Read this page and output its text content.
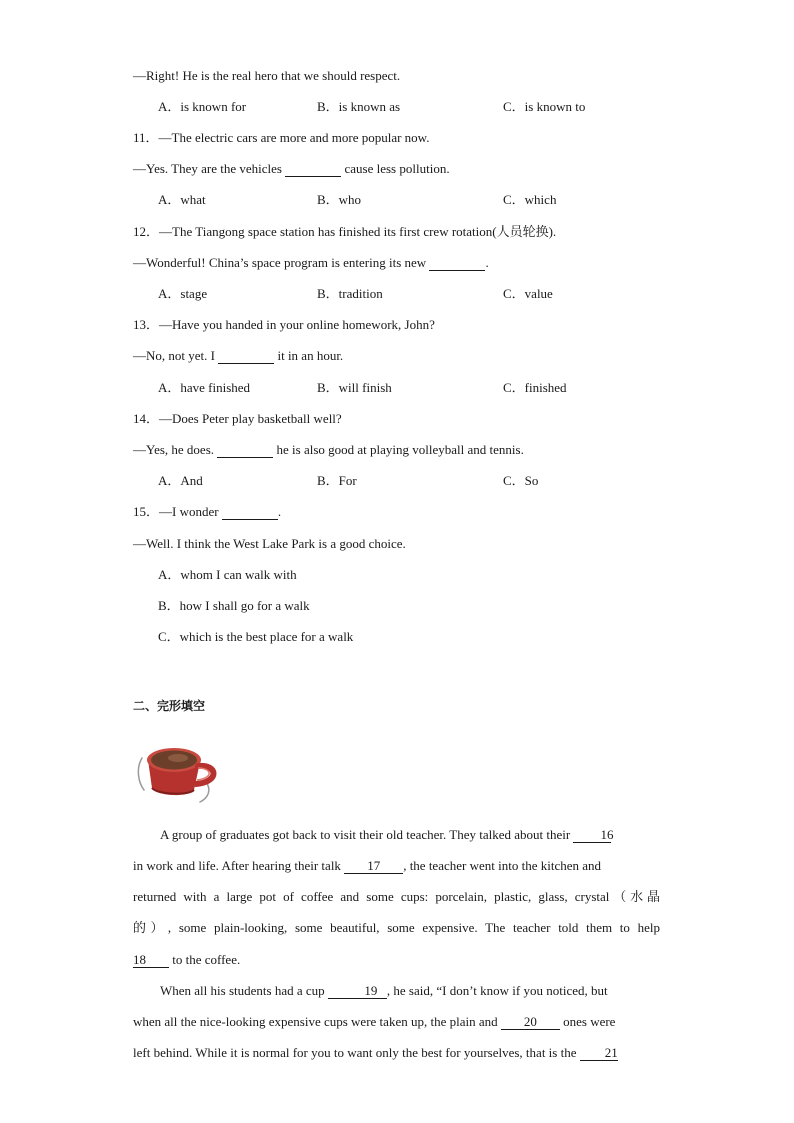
—Right! He is the real hero that we should respect.
A．is known for	B．is known as	C．is known to
11．—The electric cars are more and more popular now.
—Yes. They are the vehicles	cause less pollution.
A．what	B．who	C．which
12．—The Tiangong space station has finished its first crew rotation(人员轮换).
—Wonderful! China’s space program is entering its new	.
A．stage	B．tradition	C．value
13．—Have you handed in your online homework, John?
—No, not yet. I	it in an hour.
A．have finished	B．will finish	C．finished
14．—Does Peter play basketball well?
—Yes, he does.	he is also good at playing volleyball and tennis.
A．And	B．For	C．So
15．—I wonder	.
—Well. I think the West Lake Park is a good choice.
A．whom I can walk with
B．how I shall go for a walk
C．which is the best place for a walk
二、完形填空
A group of graduates got back to visit their old teacher. They talked about their 16
in work and life. After hearing their talk 17 , the teacher went into the kitchen and
returned with a large pot of coffee and some cups: porcelain, plastic, glass, crystal（水晶
的）, some plain-looking, some beautiful, some expensive. The teacher told them to help
18 to the coffee.
When all his students had a cup	19 , he said, “I don’t know if you noticed, but
when all the nice-looking expensive cups were taken up, the plain and 20 ones were
left behind. While it is normal for you to want only the best for yourselves, that is the 21
